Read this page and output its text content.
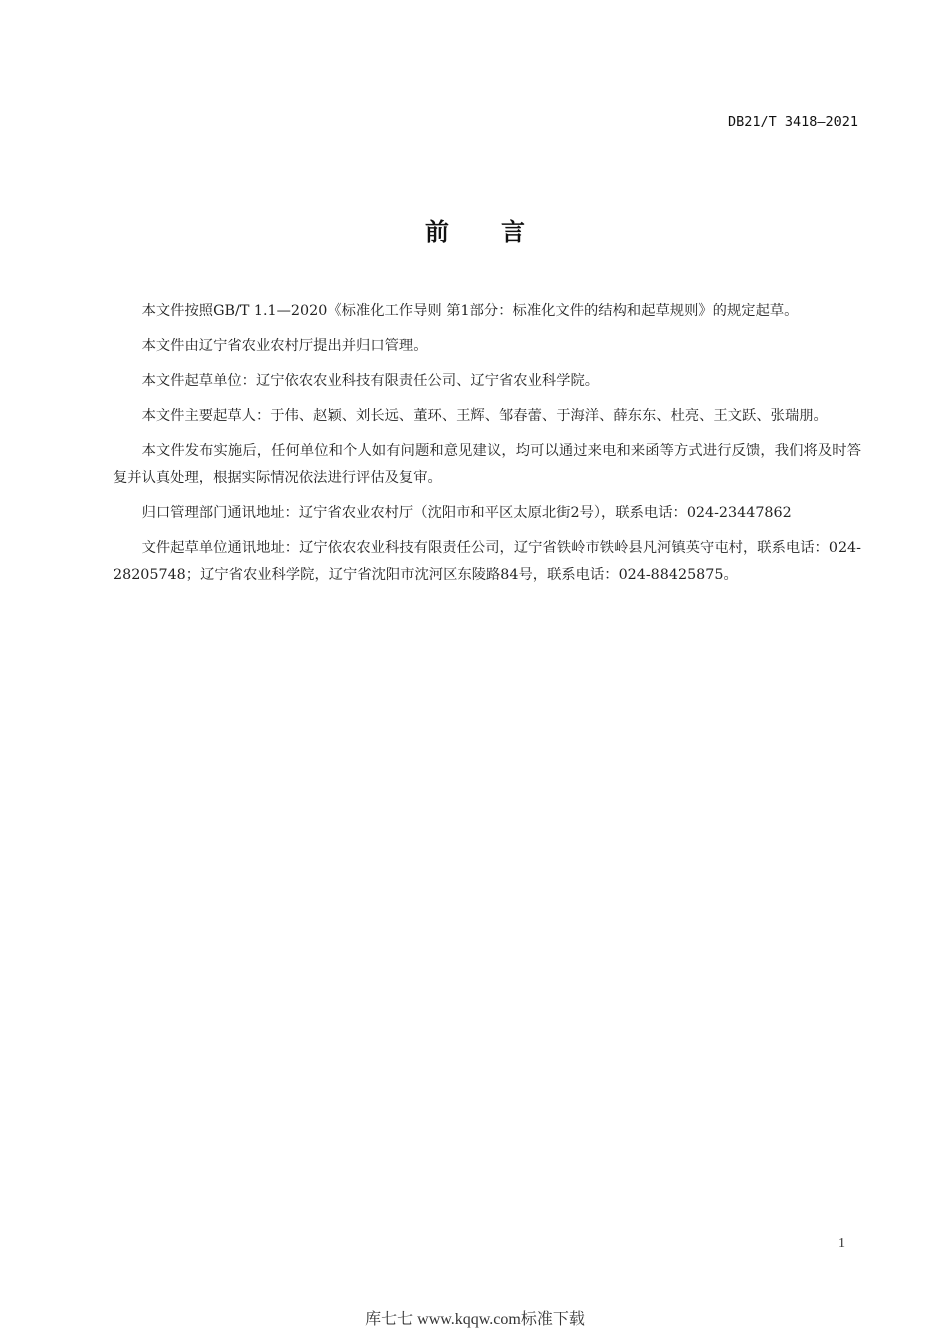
DB21/T 3418—2021
前 言

本文件按照GB/T 1.1—2020《标准化工作导则 第1部分：标准化文件的结构和起草规则》的规定起草。

本文件由辽宁省农业农村厅提出并归口管理。

本文件起草单位：辽宁依农农业科技有限责任公司、辽宁省农业科学院。

本文件主要起草人：于伟、赵颖、刘长远、董环、王辉、邹春蕾、于海洋、薛东东、杜亮、王文跃、张瑞朋。

本文件发布实施后，任何单位和个人如有问题和意见建议，均可以通过来电和来函等方式进行反馈，我们将及时答复并认真处理，根据实际情况依法进行评估及复审。

归口管理部门通讯地址：辽宁省农业农村厅（沈阳市和平区太原北街2号），联系电话：024-23447862

文件起草单位通讯地址：辽宁依农农业科技有限责任公司，辽宁省铁岭市铁岭县凡河镇英守屯村，联系电话：024-28205748；辽宁省农业科学院，辽宁省沈阳市沈河区东陵路84号，联系电话：024-88425875。

1
库七七 www.kqqw.com标准下载
